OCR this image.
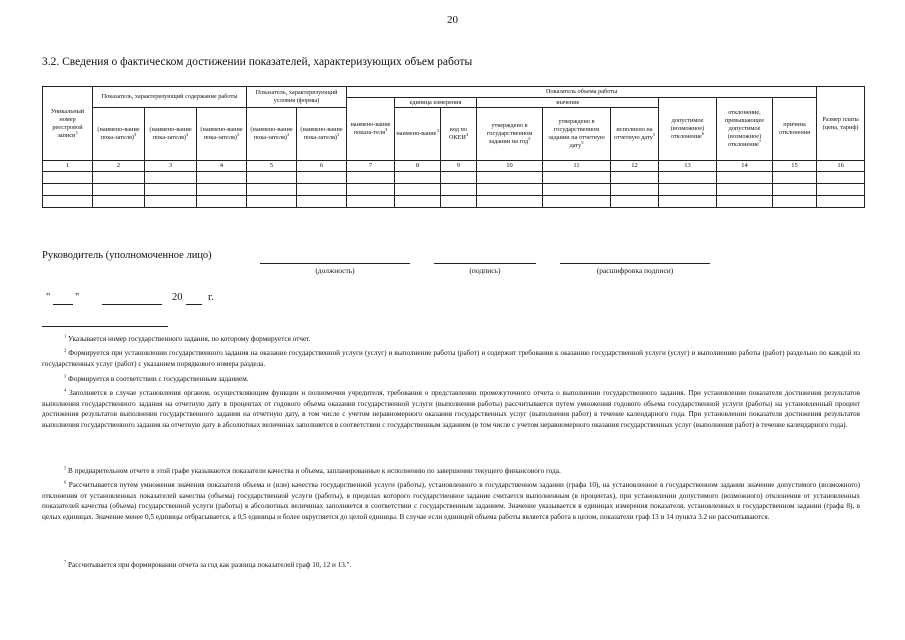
20
3.2. Сведения о фактическом достижении показателей, характеризующих объем работы
Уникальный номер реестровой записи$^3$	Показатель, характеризующий содержание работы			Показатель, характеризующий условия (формы)		Показатель объема работы									Размер платы (цена, тариф)
						наимено-вание показа-теля$^3$	единица измерения		значение			допустимое (возможное) отклонение$^6$	отклонение, превышающее допустимое (возможное) отклонение$^7$	причина отклонения	
	(наимено-вание пока-зателя)$^3$	(наимено-вание пока-зателя)$^3$	(наимено-вание пока-зателя)$^3$	(наимено-вание пока-зателя)$^3$	(наимено-вание пока-зателя)$^3$		наимено-вание$^3$	код по ОКЕИ$^3$	утверждено в государственном задании на год$^3$	утверждено в государственном задании на отчетную дату$^5$	исполнено на отчетную дату$^5$
1	2	3	4	5	6	7	8	9	10	11	12	13	14	15	16

Руководитель (уполномоченное лицо)
(должность)	(подпись)	(расшифровка подписи)
" "	20 г.
$^1$ Указывается номер государственного задания, по которому формируется отчет.
$^2$ Формируется при установлении государственного задания на оказание государственной услуги (услуг) и выполнение работы (работ) и содержит требования к оказанию государственной услуги (услуг) и выполнению работы (работ) раздельно по каждой из государственных услуг (работ) с указанием порядкового номера раздела.
$^3$ Формируется в соответствии с государственным заданием.
$^4$ Заполняется в случае установления органом, осуществляющим функции и полномочия учредителя, требования о представлении промежуточного отчета о выполнении государственного задания. При установлении показателя достижения результатов выполнения государственного задания на отчетную дату в процентах от годового объема оказания государственной услуги (выполнения работы) рассчитывается путем умножения годового объема государственной услуги (работы) на установленный процент достижения результатов выполнения государственного задания на отчетную дату, в том числе с учетом неравномерного оказания государственных услуг (выполнения работ) в течение календарного года. При установлении показателя достижения результатов выполнения государственного задания на отчетную дату в абсолютных величинах заполняется в соответствии с государственным заданием (в том числе с учетом неравномерного оказания государственных услуг (выполнения работ) в течение календарного года).
$^5$ В предварительном отчете в этой графе указываются показатели качества и объема, запланированные к исполнению по завершении текущего финансового года.
$^6$ Рассчитывается путем умножения значения показателя объема и (или) качества государственной услуги (работы), установленного в государственном задании (графа 10), на установленное в государственном задании значение допустимого (возможного) отклонения от установленных показателей качества (объема) государственной услуги (работы), в пределах которого государственное задание считается выполненным (в процентах), при установлении допустимого (возможного) отклонения от установленных показателей качества (объема) государственной услуги (работы) в абсолютных величинах заполняется в соответствии с государственным заданием. Значение указывается в единицах измерения показателя, установленных в государственном задании (графа 8), в целых единицах. Значение менее 0,5 единицы отбрасывается, а 0,5 единицы и более округляется до целой единицы. В случае если единицей объема работы является работа в целом, показатели граф 13 и 14 пункта 3.2 не рассчитываются.
$^7$ Рассчитывается при формировании отчета за год как разница показателей граф 10, 12 и 13.".
